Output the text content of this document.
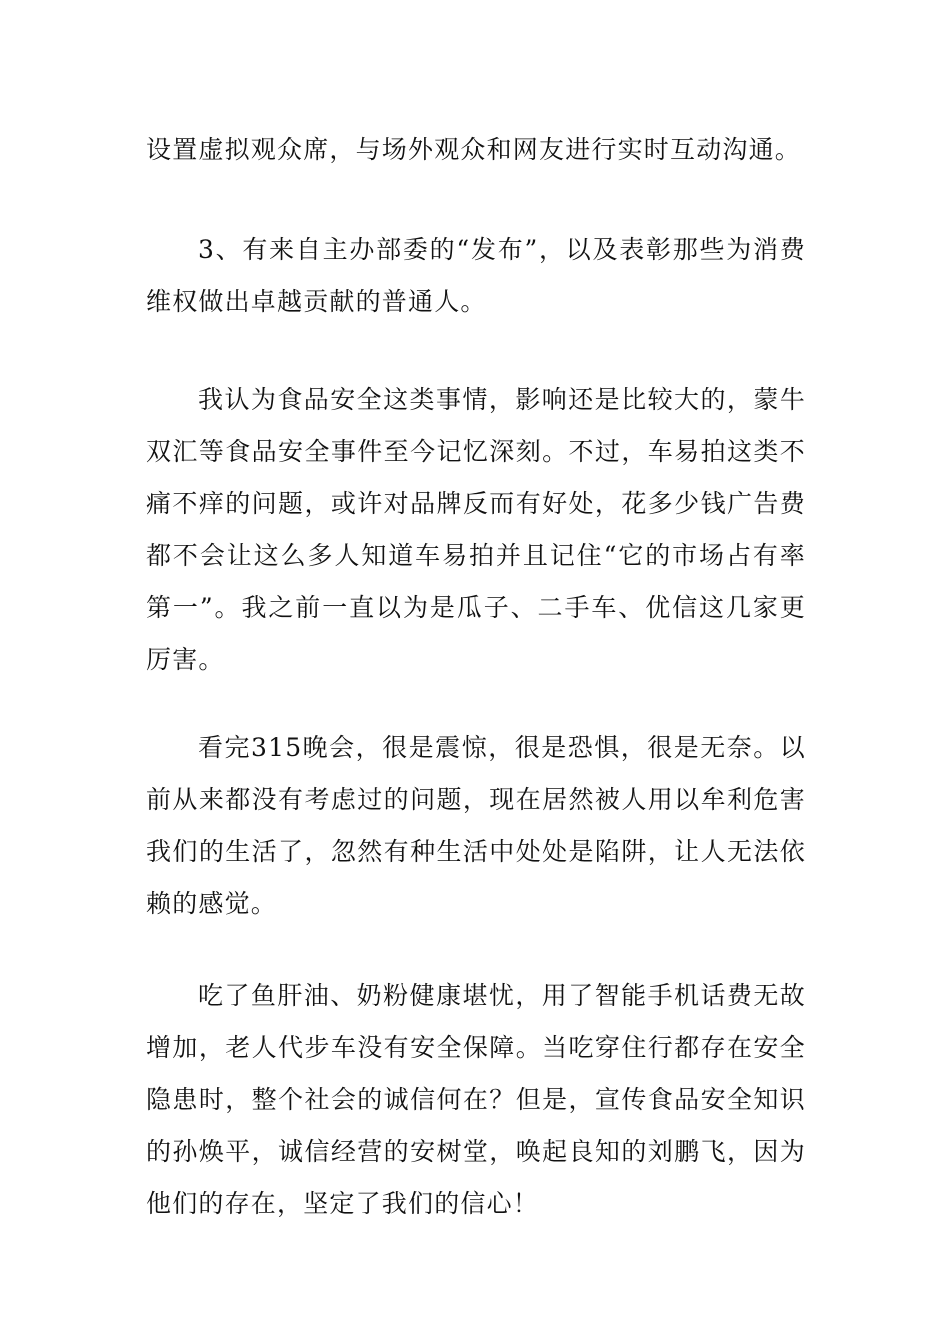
设置虚拟观众席，与场外观众和网友进行实时互动沟通。

3、有来自主办部委的“发布”，以及表彰那些为消费维权做出卓越贡献的普通人。

我认为食品安全这类事情，影响还是比较大的，蒙牛双汇等食品安全事件至今记忆深刻。不过，车易拍这类不痛不痒的问题，或许对品牌反而有好处，花多少钱广告费都不会让这么多人知道车易拍并且记住“它的市场占有率第一”。我之前一直以为是瓜子、二手车、优信这几家更厉害。

看完315晚会，很是震惊，很是恐惧，很是无奈。以前从来都没有考虑过的问题，现在居然被人用以牟利危害我们的生活了，忽然有种生活中处处是陷阱，让人无法依赖的感觉。

吃了鱼肝油、奶粉健康堪忧，用了智能手机话费无故增加，老人代步车没有安全保障。当吃穿住行都存在安全隐患时，整个社会的诚信何在？但是，宣传食品安全知识的孙焕平，诚信经营的安树堂，唤起良知的刘鹏飞，因为他们的存在，坚定了我们的信心！
